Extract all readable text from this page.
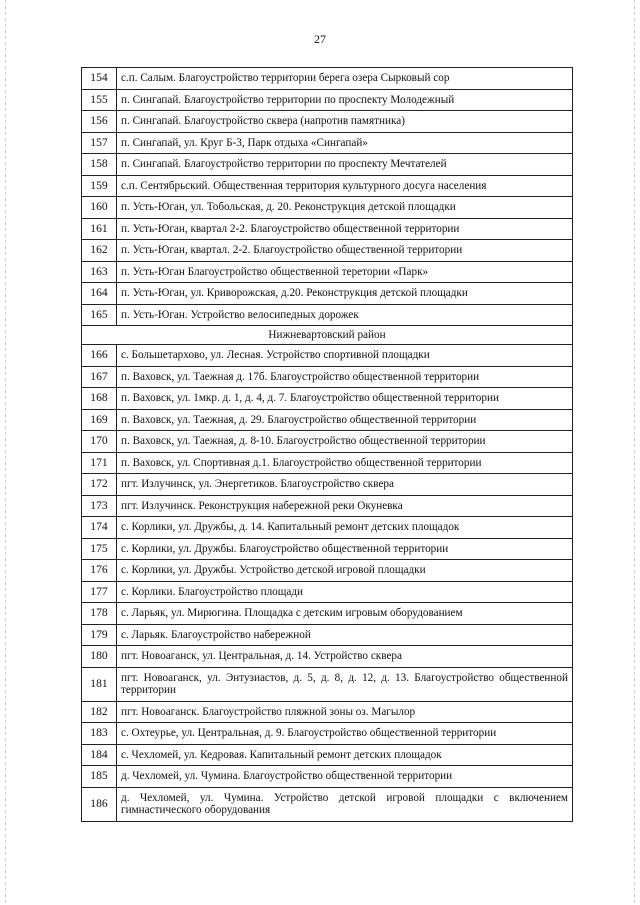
27
154	с.п. Салым. Благоустройство территории берега озера Сырковый сор
155	п. Сингапай. Благоустройство территории по проспекту Молодежный
156	п. Сингапай. Благоустройство сквера (напротив памятника)
157	п. Сингапай, ул. Круг Б-3, Парк отдыха «Сингапай»
158	п. Сингапай. Благоустройство территории по проспекту Мечтателей
159	с.п. Сентябрьский. Общественная территория культурного досуга населения
160	п. Усть-Юган, ул. Тобольская, д. 20. Реконструкция детской площадки
161	п. Усть-Юган, квартал 2-2. Благоустройство общественной территории
162	п. Усть-Юган, квартал. 2-2. Благоустройство общественной территории
163	п. Усть-Юган Благоустройство общественной теретории «Парк»
164	п. Усть-Юган, ул. Криворожская, д.20. Реконструкция детской площадки
165	п. Усть-Юган. Устройство велосипедных дорожек
Нижневартовский район	
166	с. Большетархово, ул. Лесная. Устройство спортивной площадки
167	п. Ваховск, ул. Таежная д. 17б. Благоустройство общественной территории
168	п. Ваховск, ул. 1мкр. д. 1, д. 4, д. 7. Благоустройство общественной территории
169	п. Ваховск, ул. Таежная, д. 29. Благоустройство общественной территории
170	п. Ваховск, ул. Таежная, д. 8-10. Благоустройство общественной территории
171	п. Ваховск, ул. Спортивная д.1. Благоустройство общественной территории
172	пгт. Излучинск, ул. Энергетиков. Благоустройство сквера
173	пгт. Излучинск. Реконструкция набережной реки Окуневка
174	с. Корлики, ул. Дружбы, д. 14. Капитальный ремонт детских площадок
175	с. Корлики, ул. Дружбы. Благоустройство общественной территории
176	с. Корлики, ул. Дружбы. Устройство детской игровой площадки
177	с. Корлики. Благоустройство площади
178	с. Ларьяк, ул. Мирюгина. Площадка с детским игровым оборудованием
179	с. Ларьяк. Благоустройство набережной
180	пгт. Новоаганск, ул. Центральная, д. 14. Устройство сквера
181	пгт. Новоаганск, ул. Энтузиастов, д. 5, д. 8, д. 12, д. 13. Благоустройство общественной территории
182	пгт. Новоаганск. Благоустройство пляжной зоны оз. Магылор
183	с. Охтеурье, ул. Центральная, д. 9. Благоустройство общественной территории
184	с. Чехломей, ул. Кедровая. Капитальный ремонт детских площадок
185	д. Чехломей, ул. Чумина. Благоустройство общественной территории
186	д. Чехломей, ул. Чумина. Устройство детской игровой площадки с включением гимнастического оборудования
